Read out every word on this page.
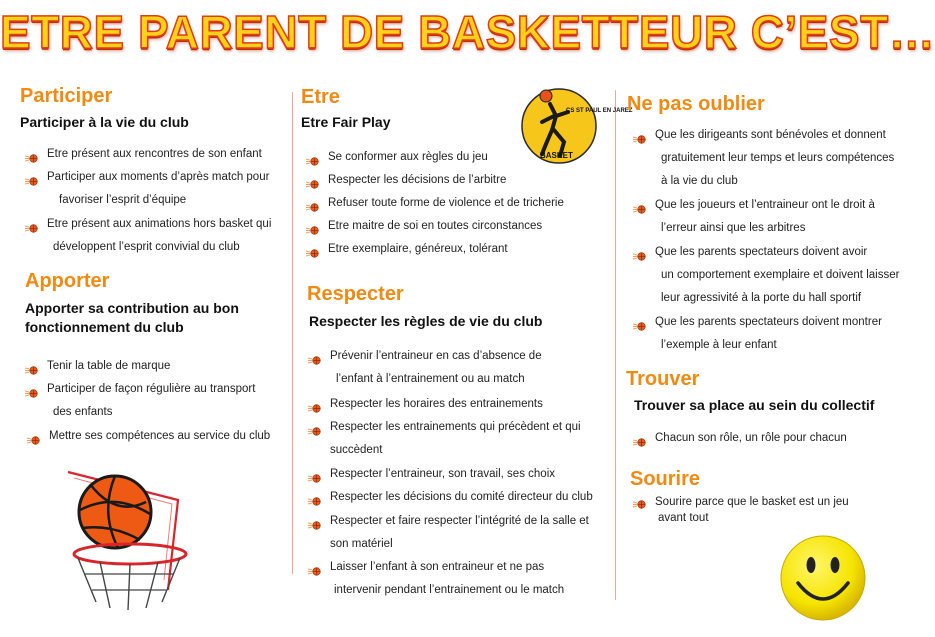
ETRE PARENT DE BASKETTEUR C’EST…
Participer
Participer à la vie du club
Etre présent aux rencontres de son enfant
Participer aux moments d’après match pour
favoriser l’esprit d’équipe
Etre présent aux animations hors basket qui
développent l’esprit convivial du club
Apporter
Apporter sa contribution au bon
fonctionnement du club
Tenir la table de marque
Participer de façon régulière au transport
des enfants
Mettre ses compétences au service du club
Etre
Etre Fair Play
CS ST PAUL EN JAREZ
BASKET
Se conformer aux règles du jeu
Respecter les décisions de l’arbitre
Refuser toute forme de violence et de tricherie
Etre maitre de soi en toutes circonstances
Etre exemplaire, généreux, tolérant
Respecter
Respecter les règles de vie du club
Prévenir l’entraineur en cas d’absence de
l’enfant à l’entrainement ou au match
Respecter les horaires des entrainements
Respecter les entrainements qui précèdent et qui
succèdent
Respecter l’entraineur, son travail, ses choix
Respecter les décisions du comité directeur du club
Respecter et faire respecter l’intégrité de la salle et
son matériel
Laisser l’enfant à son entraineur et ne pas
intervenir pendant l’entrainement ou le match
Ne pas oublier
Que les dirigeants sont bénévoles et donnent
gratuitement leur temps et leurs compétences
à la vie du club
Que les joueurs et l’entraineur ont le droit à
l’erreur ainsi que les arbitres
Que les parents spectateurs doivent avoir
un comportement exemplaire et doivent laisser
leur agressivité à la porte du hall sportif
Que les parents spectateurs doivent montrer
l’exemple à leur enfant
Trouver
Trouver sa place au sein du collectif
Chacun son rôle, un rôle pour chacun
Sourire
Sourire parce que le basket est un jeu
avant tout
